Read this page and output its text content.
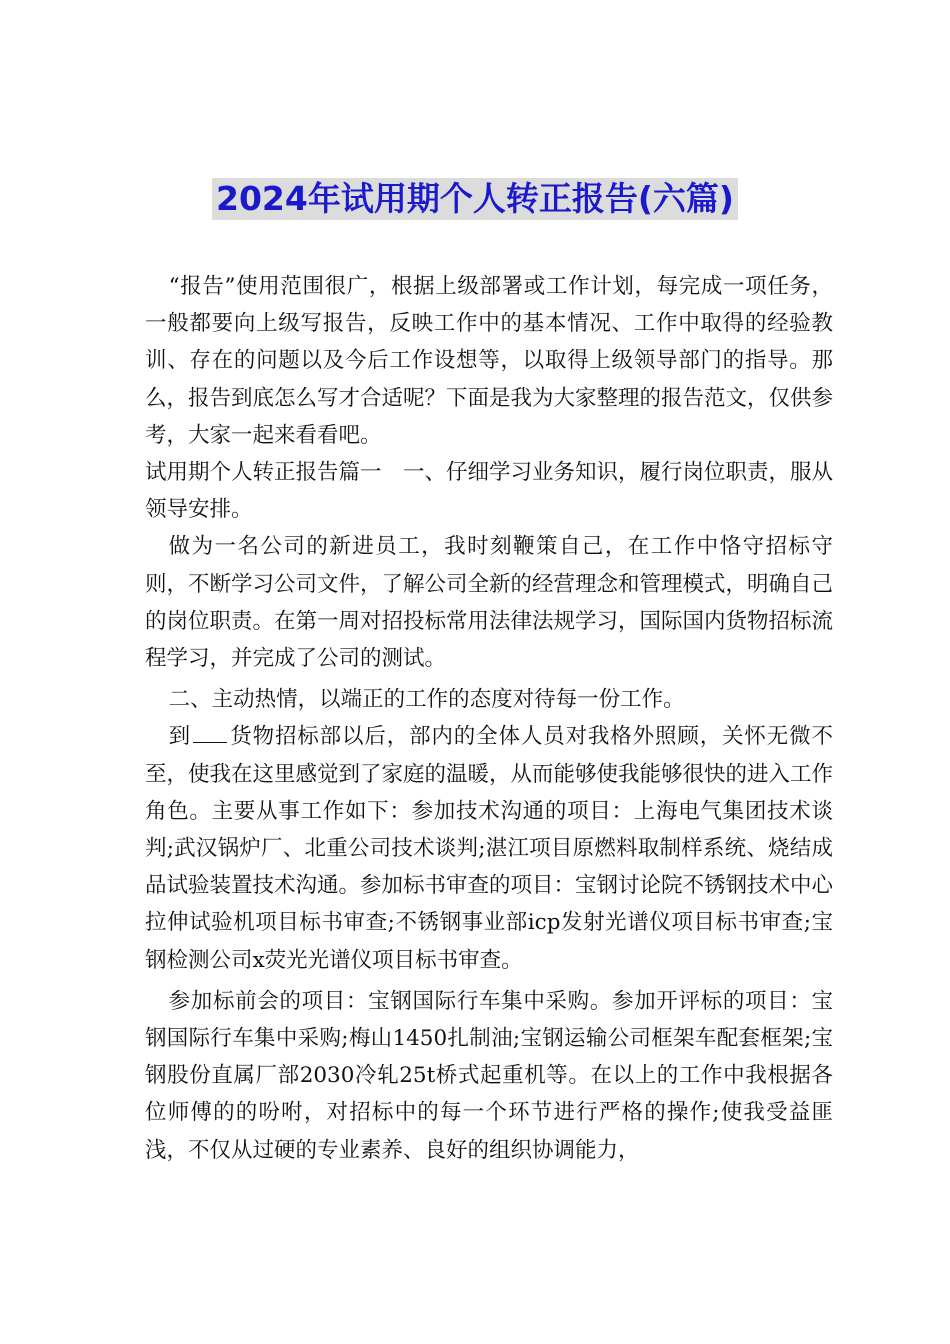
2024年试用期个人转正报告(六篇)

“报告”使用范围很广，根据上级部署或工作计划，每完成一项任务，一般都要向上级写报告，反映工作中的基本情况、工作中取得的经验教训、存在的问题以及今后工作设想等，以取得上级领导部门的指导。那么，报告到底怎么写才合适呢？下面是我为大家整理的报告范文，仅供参考，大家一起来看看吧。

试用期个人转正报告篇一　一、仔细学习业务知识，履行岗位职责，服从领导安排。

做为一名公司的新进员工，我时刻鞭策自己，在工作中恪守招标守则，不断学习公司文件，了解公司全新的经营理念和管理模式，明确自己的岗位职责。在第一周对招投标常用法律法规学习，国际国内货物招标流程学习，并完成了公司的测试。

二、主动热情，以端正的工作的态度对待每一份工作。

到 货物招标部以后，部内的全体人员对我格外照顾，关怀无微不至，使我在这里感觉到了家庭的温暖，从而能够使我能够很快的进入工作角色。主要从事工作如下：参加技术沟通的项目：上海电气集团技术谈判;武汉锅炉厂、北重公司技术谈判;湛江项目原燃料取制样系统、烧结成品试验装置技术沟通。参加标书审查的项目：宝钢讨论院不锈钢技术中心拉伸试验机项目标书审查;不锈钢事业部icp发射光谱仪项目标书审查;宝钢检测公司x荧光光谱仪项目标书审查。

参加标前会的项目：宝钢国际行车集中采购。参加开评标的项目：宝钢国际行车集中采购;梅山1450扎制油;宝钢运输公司框架车配套框架;宝钢股份直属厂部2030冷轧25t桥式起重机等。在以上的工作中我根据各位师傅的的吩咐，对招标中的每一个环节进行严格的操作;使我受益匪浅，不仅从过硬的专业素养、良好的组织协调能力，
